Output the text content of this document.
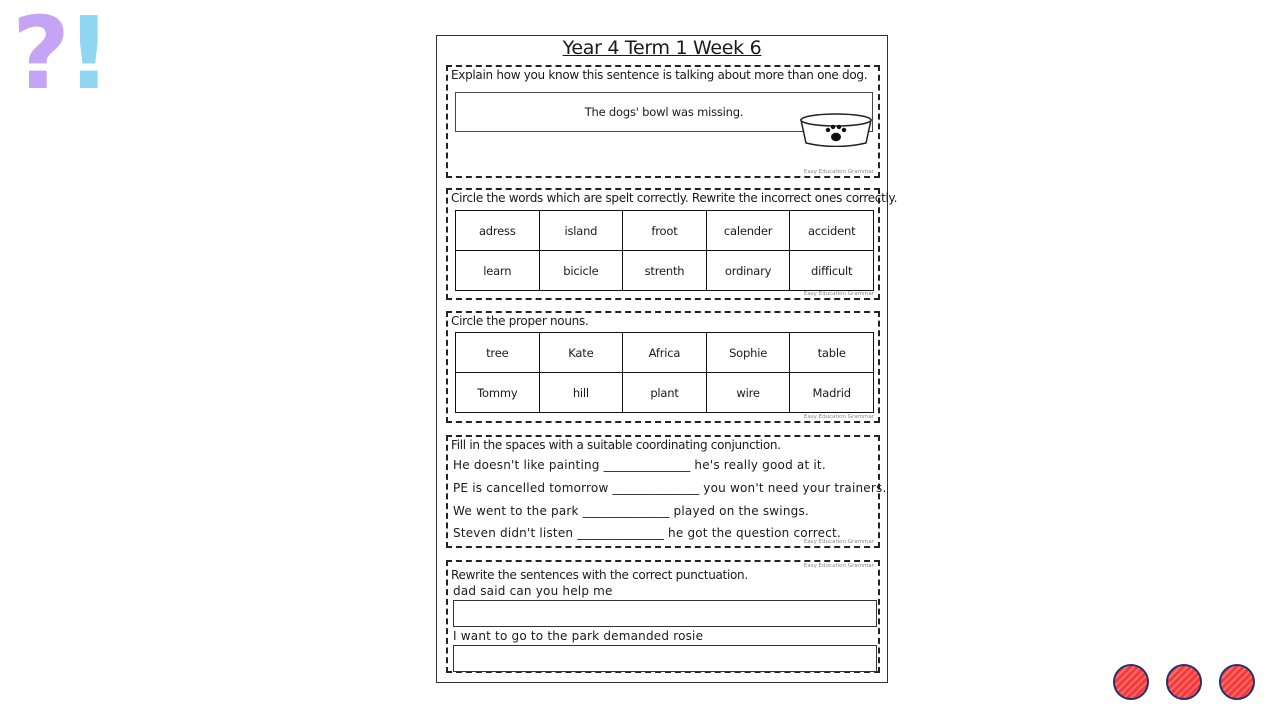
?!	Year 4 Term 1 Week 6
Explain how you know this sentence is talking about more than one dog.
The dogs' bowl was missing.
Easy Education Grammar
Circle the words which are spelt correctly. Rewrite the incorrect ones correctly.
adress	island	froot	calender	accident
learn	bicicle	strenth	ordinary	difficult
Easy Education Grammar
Circle the proper nouns.
tree	Kate	Africa	Sophie	table
Tommy	hill	plant	wire	Madrid
Easy Education Grammar
Fill in the spaces with a suitable coordinating conjunction.
He doesn't like painting ______________ he's really good at it.
PE is cancelled tomorrow ______________ you won't need your trainers.
We went to the park ______________ played on the swings.
Steven didn't listen ______________ he got the question correct.
Easy Education Grammar
Rewrite the sentences with the correct punctuation.
Easy Education Grammar
dad said can you help me
I want to go to the park demanded rosie
